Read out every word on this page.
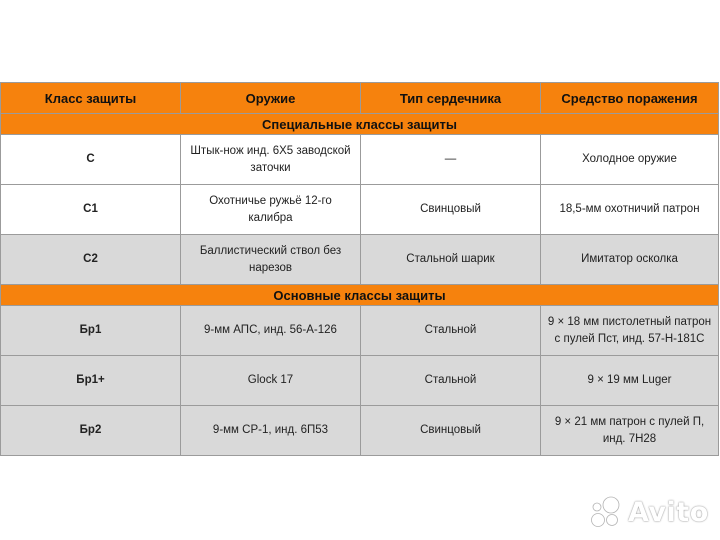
Класс защиты	Оружие	Тип сердечника	Средство поражения
Специальные классы защиты			
С	Штык-нож инд. 6Х5 заводской заточки	—	Холодное оружие
С1	Охотничье ружьё 12-го калибра	Свинцовый	18,5-мм охотничий патрон
С2	Баллистический ствол без нарезов	Стальной шарик	Имитатор осколка
Основные классы защиты			
Бр1	9-мм АПС, инд. 56-А-126	Стальной	9 × 18 мм пистолетный патрон с пулей Пст, инд. 57-Н-181С
Бр1+	Glock 17	Стальной	9 × 19 мм Luger
Бр2	9-мм СР-1, инд. 6П53	Свинцовый	9 × 21 мм патрон с пулей П, инд. 7Н28
Avito
